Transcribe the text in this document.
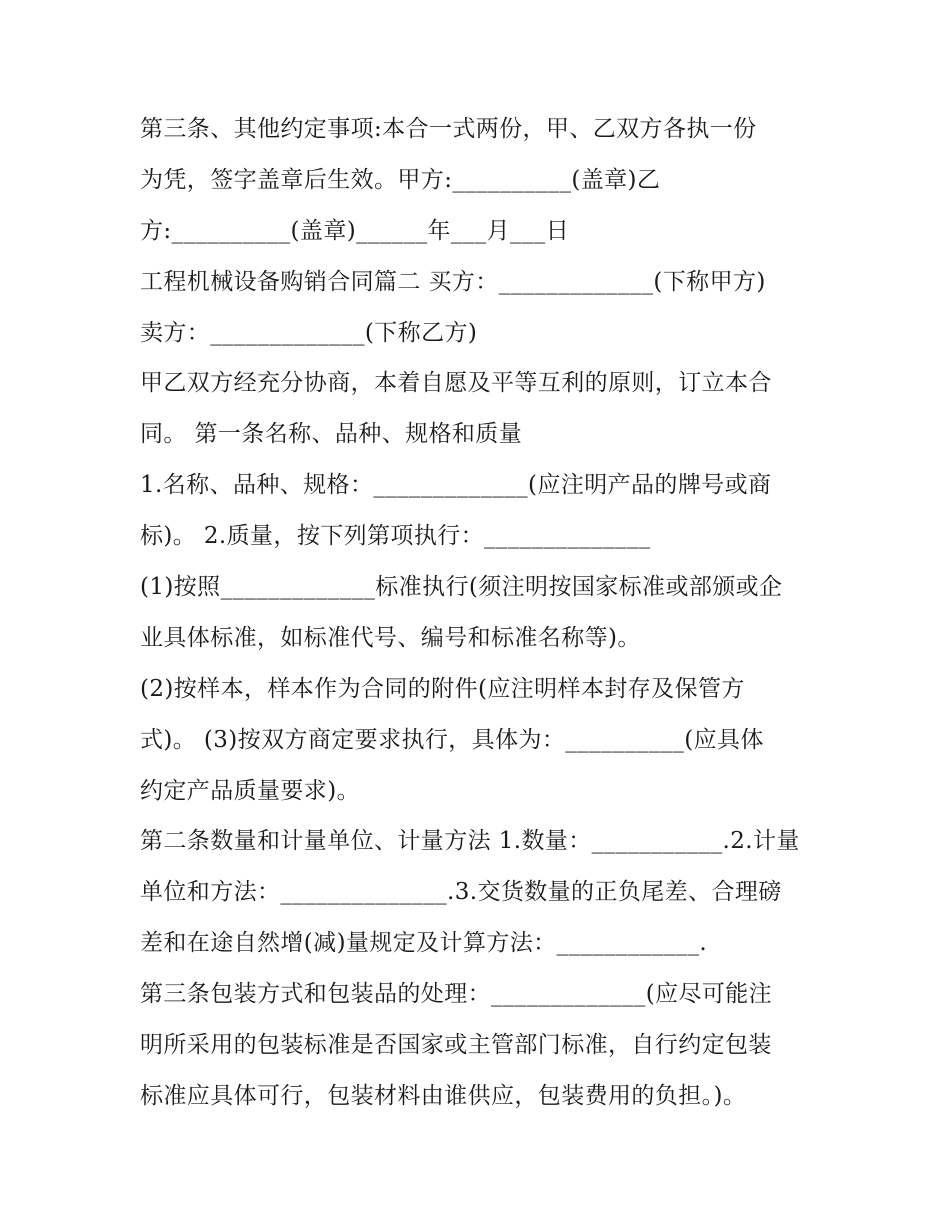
第三条、其他约定事项:本合一式两份，甲、乙双方各执一份
为凭，签字盖章后生效。甲方:__________(盖章)乙
方:__________(盖章)______年___月___日
工程机械设备购销合同篇二 买方：_____________(下称甲方)
卖方：_____________(下称乙方)
甲乙双方经充分协商，本着自愿及平等互利的原则，订立本合
同。 第一条名称、品种、规格和质量
1.名称、品种、规格：_____________(应注明产品的牌号或商
标)。 2.质量，按下列第项执行：______________
(1)按照_____________标准执行(须注明按国家标准或部颁或企
业具体标准，如标准代号、编号和标准名称等)。
(2)按样本，样本作为合同的附件(应注明样本封存及保管方
式)。 (3)按双方商定要求执行，具体为：__________(应具体
约定产品质量要求)。
第二条数量和计量单位、计量方法 1.数量：___________.2.计量
单位和方法：______________.3.交货数量的正负尾差、合理磅
差和在途自然增(减)量规定及计算方法：____________.
第三条包装方式和包装品的处理：_____________(应尽可能注
明所采用的包装标准是否国家或主管部门标准，自行约定包装
标准应具体可行，包装材料由谁供应，包装费用的负担。)。
